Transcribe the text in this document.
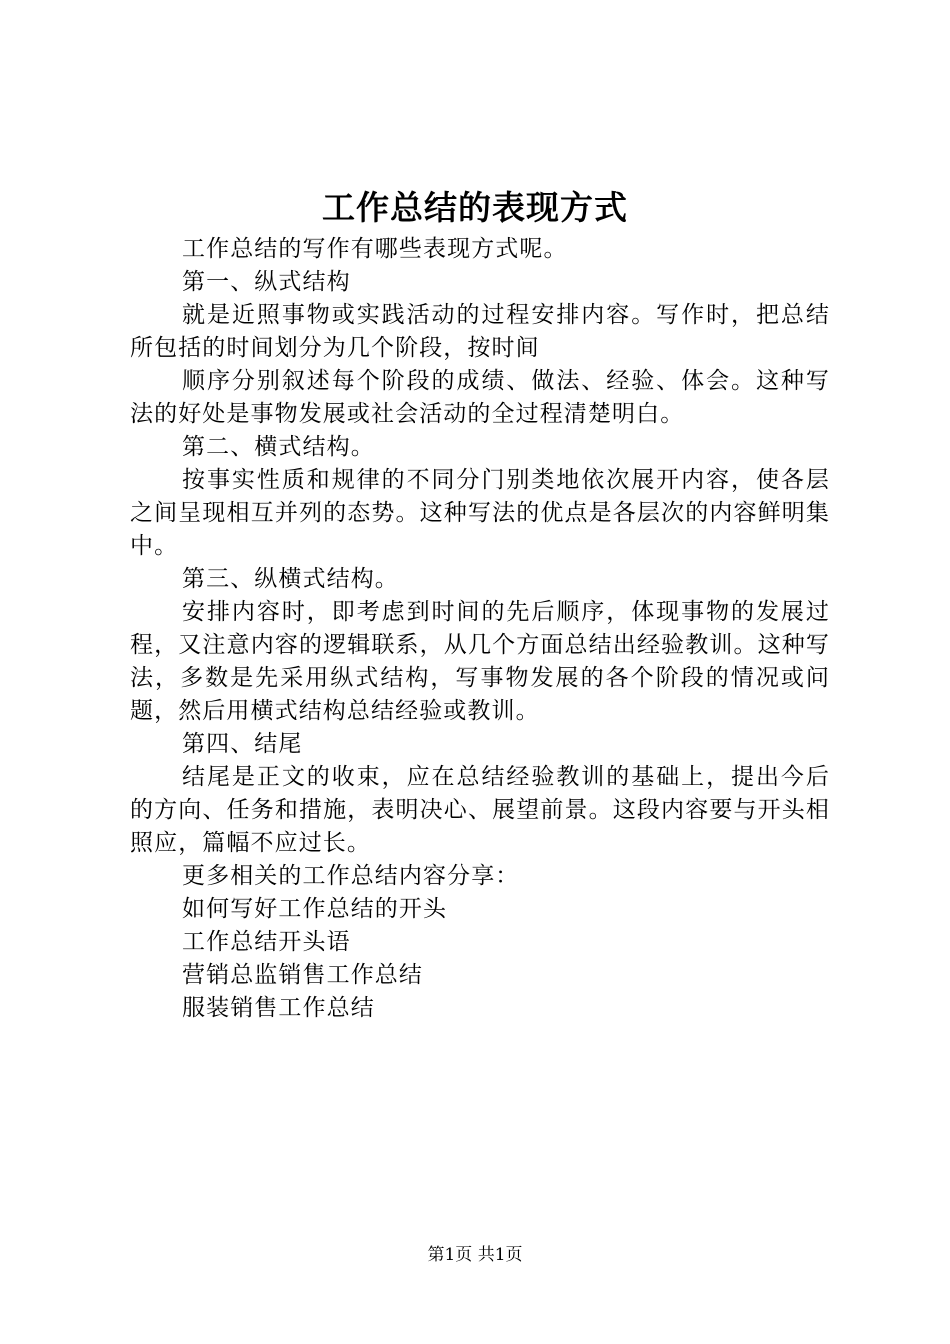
工作总结的表现方式

工作总结的写作有哪些表现方式呢。

第一、纵式结构

就是近照事物或实践活动的过程安排内容。写作时，把总结所包括的时间划分为几个阶段，按时间

顺序分别叙述每个阶段的成绩、做法、经验、体会。这种写法的好处是事物发展或社会活动的全过程清楚明白。

第二、横式结构。

按事实性质和规律的不同分门别类地依次展开内容，使各层之间呈现相互并列的态势。这种写法的优点是各层次的内容鲜明集中。

第三、纵横式结构。

安排内容时，即考虑到时间的先后顺序，体现事物的发展过程，又注意内容的逻辑联系，从几个方面总结出经验教训。这种写法，多数是先采用纵式结构，写事物发展的各个阶段的情况或问题，然后用横式结构总结经验或教训。

第四、结尾

结尾是正文的收束，应在总结经验教训的基础上，提出今后的方向、任务和措施，表明决心、展望前景。这段内容要与开头相照应，篇幅不应过长。

更多相关的工作总结内容分享：

如何写好工作总结的开头

工作总结开头语

营销总监销售工作总结

服装销售工作总结

第1页 共1页
